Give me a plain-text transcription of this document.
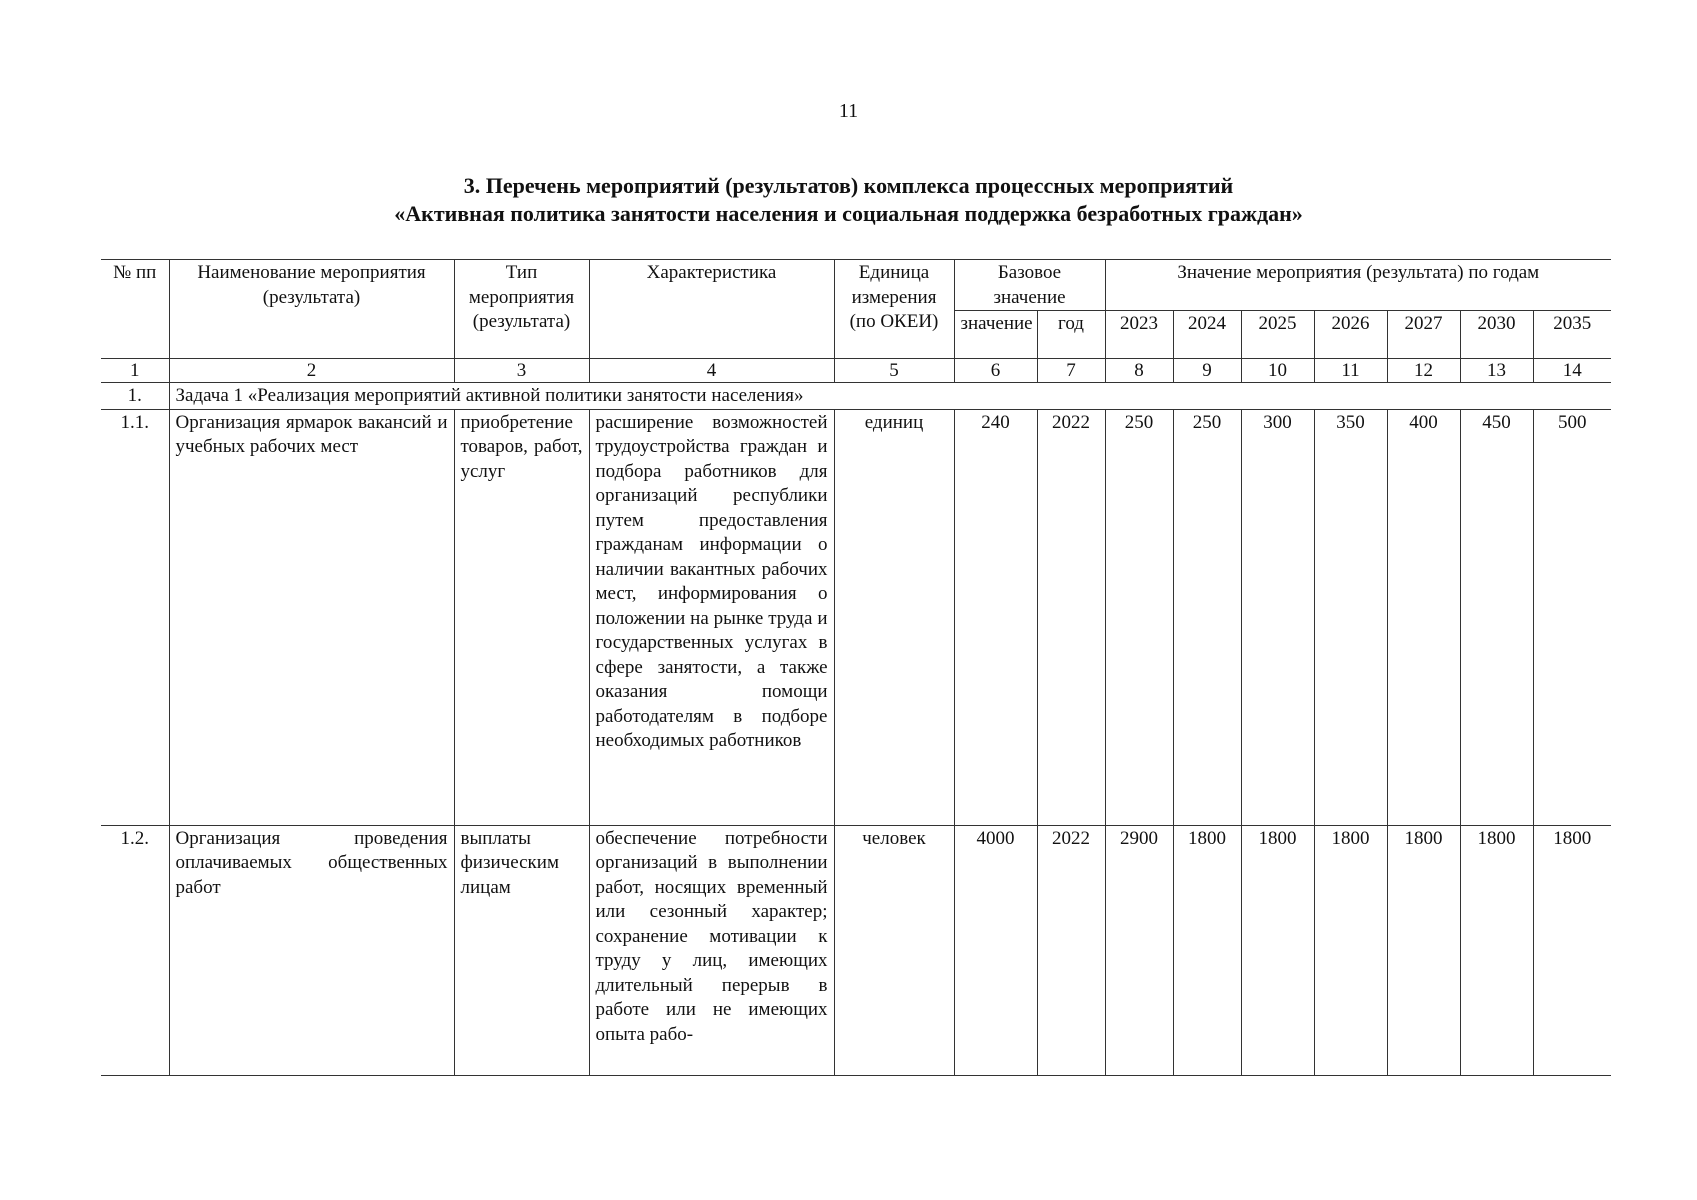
11
3. Перечень мероприятий (результатов) комплекса процессных мероприятий
«Активная политика занятости населения и социальная поддержка безработных граждан»
№ пп	Наименование мероприятия (результата)	Тип мероприятия (результата)	Характеристика	Единица измерения (по ОКЕИ)	Базовое значение		Значение мероприятия (результата) по годам						
					значение	год	2023	2024	2025	2026	2027	2030	2035
1	2	3	4	5	6	7	8	9	10	11	12	13	14
1.	Задача 1 «Реализация мероприятий активной политики занятости населения»												
1.1.	Организация ярмарок вакансий и учебных рабочих мест	приобретение товаров, работ, услуг	расширение возможностей трудоустройства граждан и подбора работников для организаций республики путем предоставления гражданам информации о наличии вакантных рабочих мест, информирования о положении на рынке труда и государственных услугах в сфере занятости, а также оказания помощи работодателям в подборе необходимых работников	единиц	240	2022	250	250	300	350	400	450	500
1.2.	Организация проведения оплачиваемых общественных работ	выплаты физическим лицам	обеспечение потребности организаций в выполнении работ, носящих временный или сезонный характер; сохранение мотивации к труду у лиц, имеющих длительный перерыв в работе или не имеющих опыта рабо-	человек	4000	2022	2900	1800	1800	1800	1800	1800	1800
